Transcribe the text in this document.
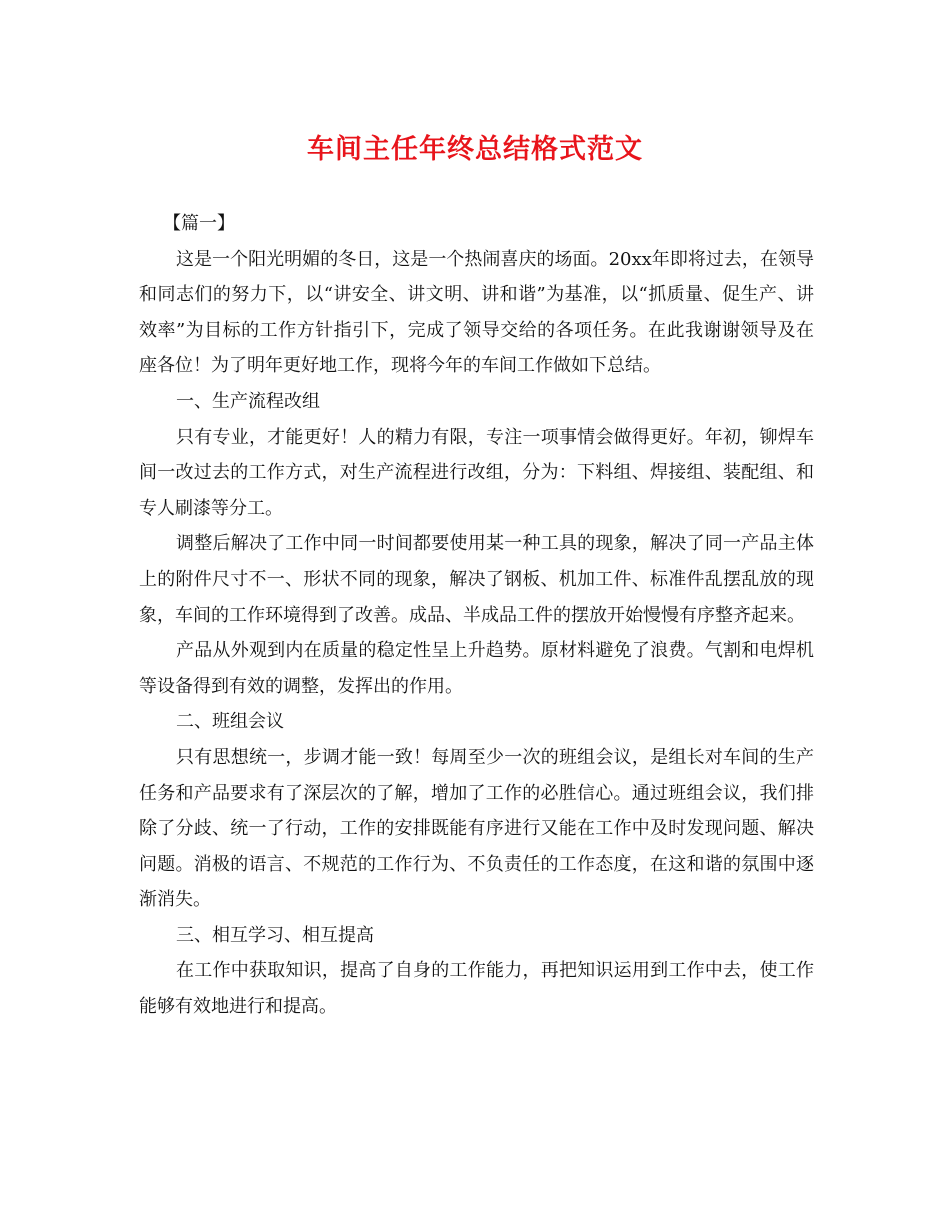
车间主任年终总结格式范文

【篇一】

这是一个阳光明媚的冬日，这是一个热闹喜庆的场面。20xx年即将过去，在领导和同志们的努力下，以“讲安全、讲文明、讲和谐”为基准，以“抓质量、促生产、讲效率”为目标的工作方针指引下，完成了领导交给的各项任务。在此我谢谢领导及在座各位！为了明年更好地工作，现将今年的车间工作做如下总结。

一、生产流程改组

只有专业，才能更好！人的精力有限，专注一项事情会做得更好。年初，铆焊车间一改过去的工作方式，对生产流程进行改组，分为：下料组、焊接组、装配组、和专人刷漆等分工。

调整后解决了工作中同一时间都要使用某一种工具的现象，解决了同一产品主体上的附件尺寸不一、形状不同的现象，解决了钢板、机加工件、标准件乱摆乱放的现象，车间的工作环境得到了改善。成品、半成品工件的摆放开始慢慢有序整齐起来。

产品从外观到内在质量的稳定性呈上升趋势。原材料避免了浪费。气割和电焊机等设备得到有效的调整，发挥出的作用。

二、班组会议

只有思想统一，步调才能一致！每周至少一次的班组会议，是组长对车间的生产任务和产品要求有了深层次的了解，增加了工作的必胜信心。通过班组会议，我们排除了分歧、统一了行动，工作的安排既能有序进行又能在工作中及时发现问题、解决问题。消极的语言、不规范的工作行为、不负责任的工作态度，在这和谐的氛围中逐渐消失。

三、相互学习、相互提高

在工作中获取知识，提高了自身的工作能力，再把知识运用到工作中去，使工作能够有效地进行和提高。
